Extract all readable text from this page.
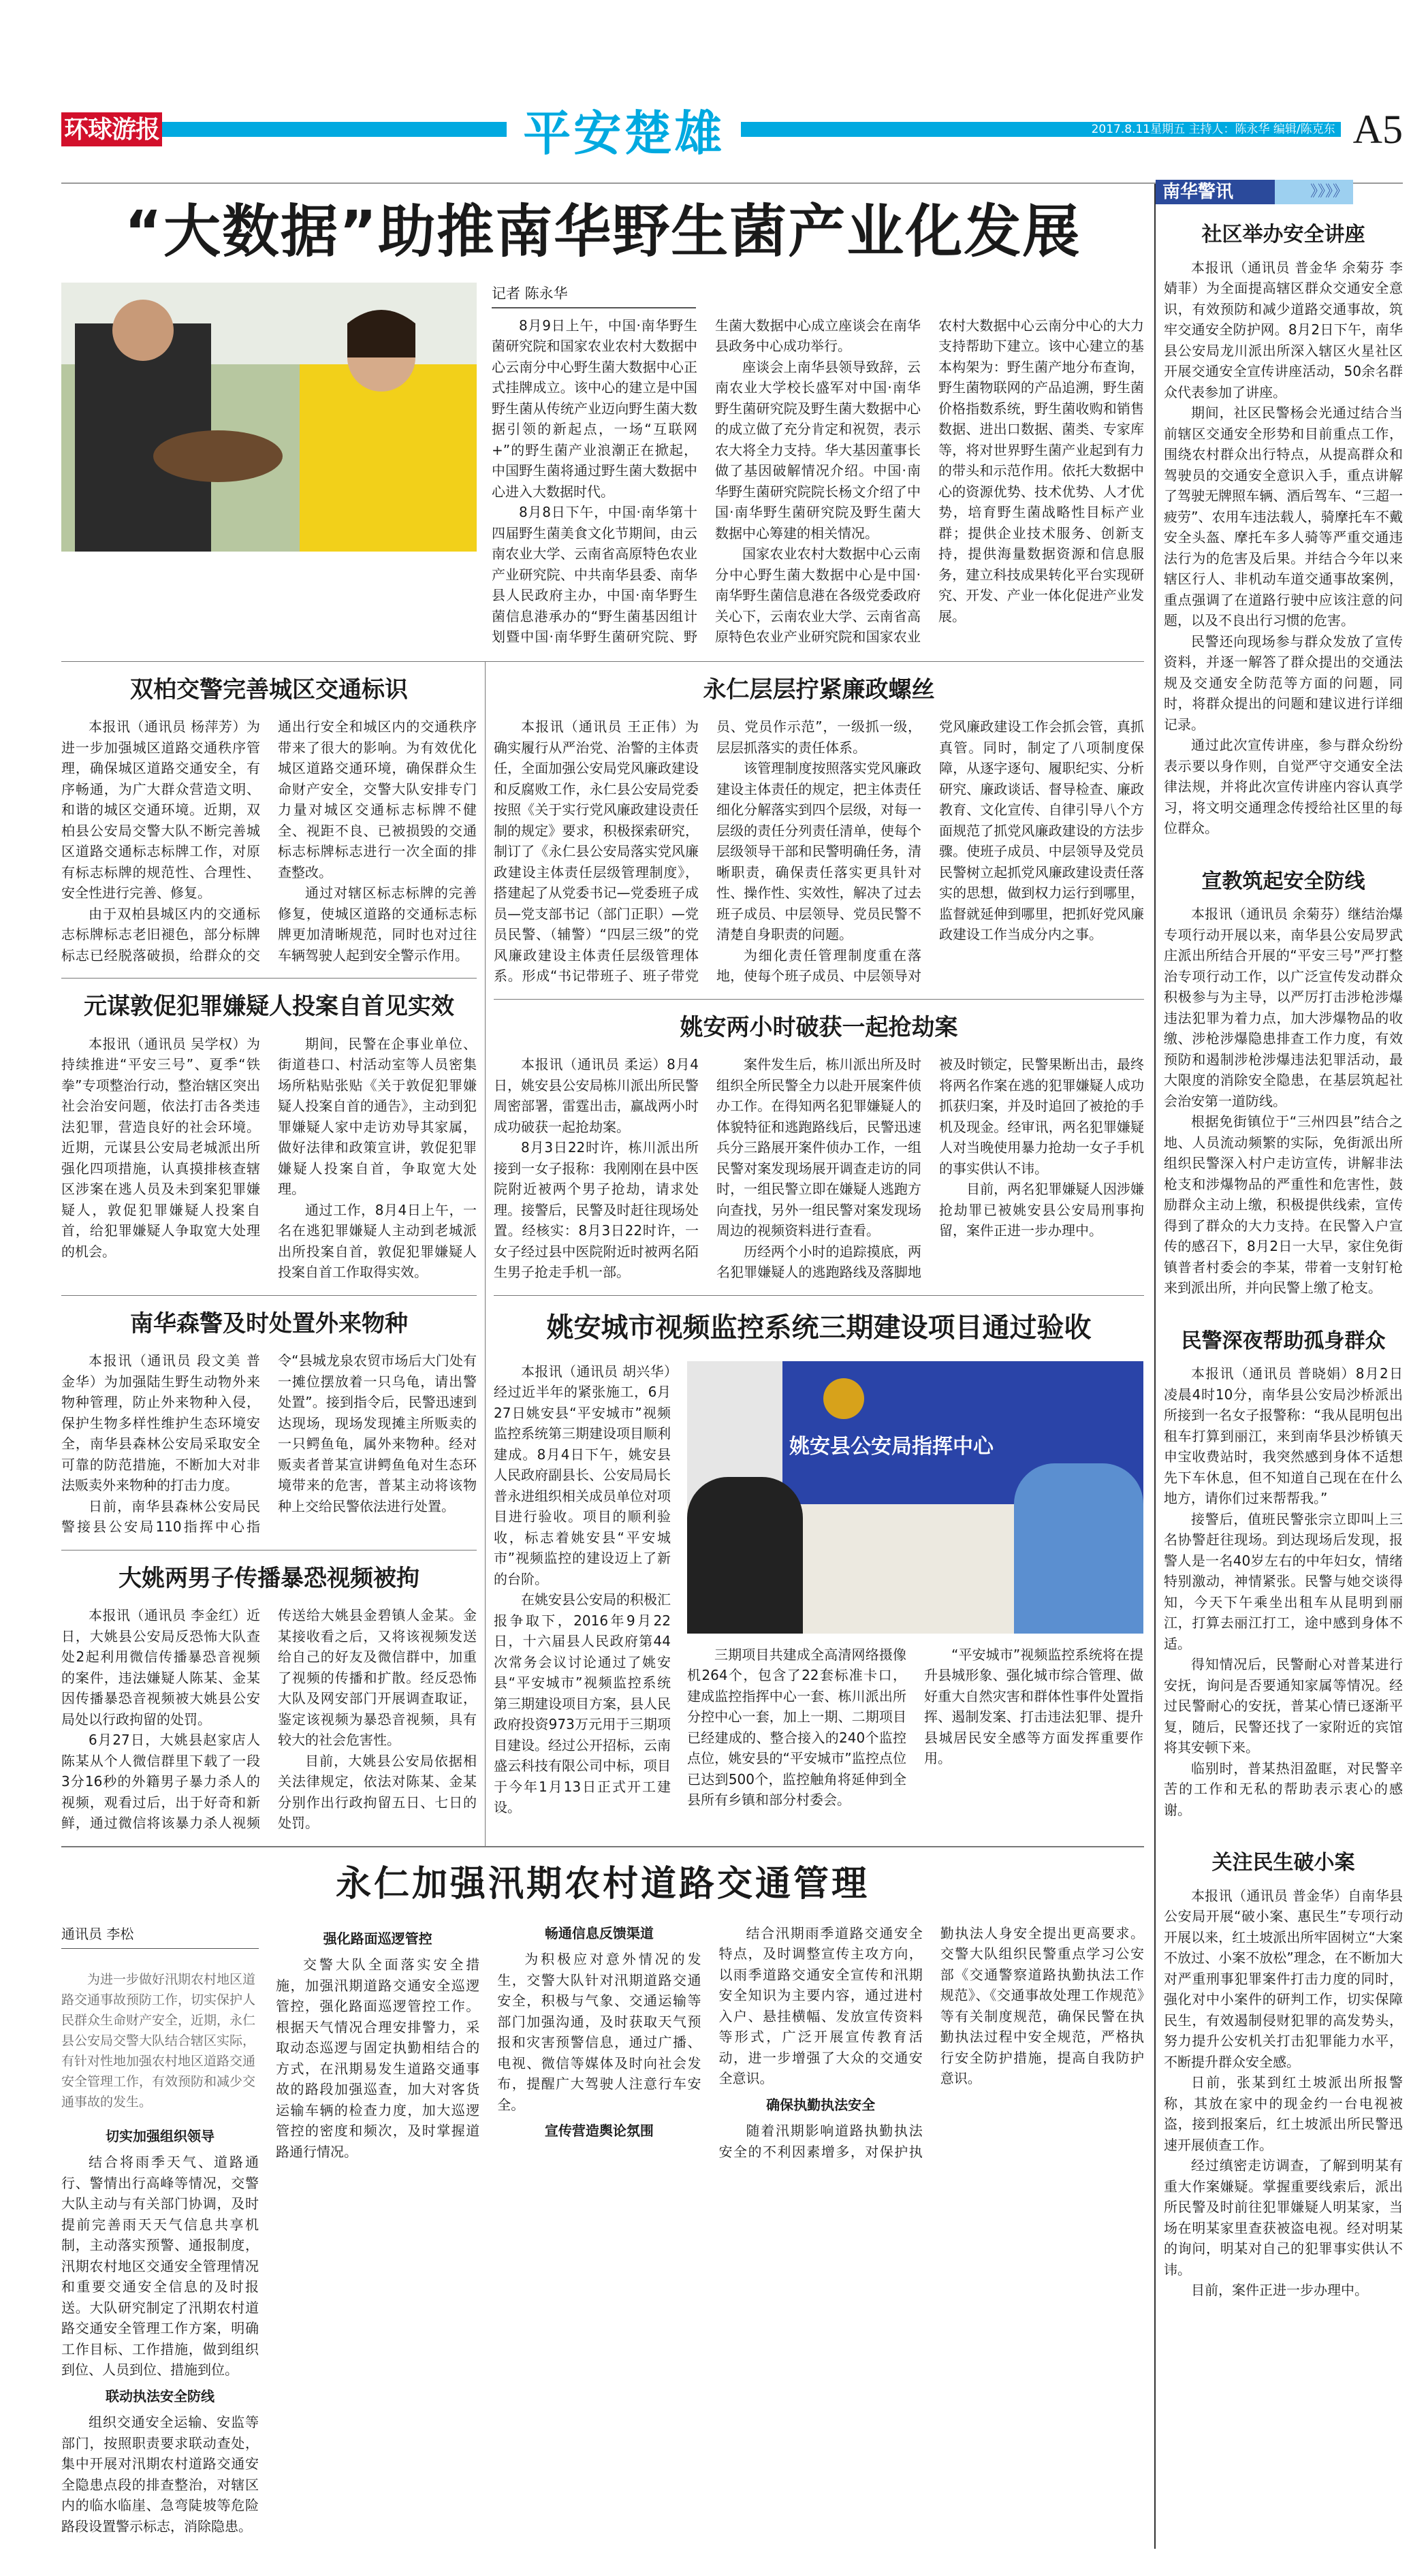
环球游报	平安楚雄	2017.8.11星期五 主持人：陈永华 编辑/陈克东 A5
“大数据”助推南华野生菌产业化发展
记者 陈永华

8月9日上午，中国·南华野生菌研究院和国家农业农村大数据中心云南分中心野生菌大数据中心正式挂牌成立。该中心的建立是中国野生菌从传统产业迈向野生菌大数据引领的新起点，一场“互联网+”的野生菌产业浪潮正在掀起，中国野生菌将通过野生菌大数据中心进入大数据时代。

8月8日下午，中国·南华第十四届野生菌美食文化节期间，由云南农业大学、云南省高原特色农业产业研究院、中共南华县委、南华县人民政府主办，中国·南华野生菌信息港承办的“野生菌基因组计划暨中国·南华野生菌研究院、野生菌大数据中心成立座谈会在南华县政务中心成功举行。

座谈会上南华县领导致辞，云南农业大学校长盛军对中国·南华野生菌研究院及野生菌大数据中心的成立做了充分肯定和祝贺，表示农大将全力支持。华大基因董事长做了基因破解情况介绍。中国·南华野生菌研究院院长杨文介绍了中国·南华野生菌研究院及野生菌大数据中心筹建的相关情况。

国家农业农村大数据中心云南分中心野生菌大数据中心是中国·南华野生菌信息港在各级党委政府关心下，云南农业大学、云南省高原特色农业产业研究院和国家农业农村大数据中心云南分中心的大力支持帮助下建立。该中心建立的基本构架为：野生菌产地分布查询，野生菌物联网的产品追溯，野生菌价格指数系统，野生菌收购和销售数据、进出口数据、菌类、专家库等，将对世界野生菌产业起到有力的带头和示范作用。依托大数据中心的资源优势、技术优势、人才优势，培育野生菌战略性目标产业群；提供企业技术服务、创新支持，提供海量数据资源和信息服务，建立科技成果转化平台实现研究、开发、产业一体化促进产业发展。

双柏交警完善城区交通标识

本报讯（通讯员 杨萍芳）为进一步加强城区道路交通秩序管理，确保城区道路交通安全，有序畅通，为广大群众营造文明、和谐的城区交通环境。近期，双柏县公安局交警大队不断完善城区道路交通标志标牌工作，对原有标志标牌的规范性、合理性、安全性进行完善、修复。

由于双柏县城区内的交通标志标牌标志老旧褪色，部分标牌标志已经脱落破损，给群众的交通出行安全和城区内的交通秩序带来了很大的影响。为有效优化城区道路交通环境，确保群众生命财产安全，交警大队安排专门力量对城区交通标志标牌不健全、视距不良、已被损毁的交通标志标牌标志进行一次全面的排查整改。

通过对辖区标志标牌的完善修复，使城区道路的交通标志标牌更加清晰规范，同时也对过往车辆驾驶人起到安全警示作用。

元谋敦促犯罪嫌疑人投案自首见实效

本报讯（通讯员 吴学权）为持续推进“平安三号”、夏季“铁拳”专项整治行动，整治辖区突出社会治安问题，依法打击各类违法犯罪，营造良好的社会环境。近期，元谋县公安局老城派出所强化四项措施，认真摸排核查辖区涉案在逃人员及未到案犯罪嫌疑人，敦促犯罪嫌疑人投案自首，给犯罪嫌疑人争取宽大处理的机会。

期间，民警在企事业单位、街道巷口、村活动室等人员密集场所粘贴张贴《关于敦促犯罪嫌疑人投案自首的通告》，主动到犯罪嫌疑人家中走访劝导其家属，做好法律和政策宣讲，敦促犯罪嫌疑人投案自首，争取宽大处理。

通过工作，8月4日上午，一名在逃犯罪嫌疑人主动到老城派出所投案自首，敦促犯罪嫌疑人投案自首工作取得实效。

南华森警及时处置外来物种

本报讯（通讯员 段文美 普金华）为加强陆生野生动物外来物种管理，防止外来物种入侵，保护生物多样性维护生态环境安全，南华县森林公安局采取安全可靠的防范措施，不断加大对非法贩卖外来物种的打击力度。

日前，南华县森林公安局民警接县公安局110指挥中心指令“县城龙泉农贸市场后大门处有一摊位摆放着一只乌龟，请出警处置”。接到指令后，民警迅速到达现场，现场发现摊主所贩卖的一只鳄鱼龟，属外来物种。经对贩卖者普某宣讲鳄鱼龟对生态环境带来的危害，普某主动将该物种上交给民警依法进行处置。

大姚两男子传播暴恐视频被拘

本报讯（通讯员 李金红）近日，大姚县公安局反恐怖大队查处2起利用微信传播暴恐音视频的案件，违法嫌疑人陈某、金某因传播暴恐音视频被大姚县公安局处以行政拘留的处罚。

6月27日，大姚县赵家店人陈某从个人微信群里下载了一段3分16秒的外籍男子暴力杀人的视频，观看过后，出于好奇和新鲜，通过微信将该暴力杀人视频传送给大姚县金碧镇人金某。金某接收看之后，又将该视频发送给自己的好友及微信群中，加重了视频的传播和扩散。经反恐怖大队及网安部门开展调查取证，鉴定该视频为暴恐音视频，具有较大的社会危害性。

目前，大姚县公安局依据相关法律规定，依法对陈某、金某分别作出行政拘留五日、七日的处罚。

永仁层层拧紧廉政螺丝

本报讯（通讯员 王正伟）为确实履行从严治党、治警的主体责任，全面加强公安局党风廉政建设和反腐败工作，永仁县公安局党委按照《关于实行党风廉政建设责任制的规定》要求，积极探索研究，制订了《永仁县公安局落实党风廉政建设主体责任层级管理制度》，搭建起了从党委书记—党委班子成员—党支部书记（部门正职）—党员民警、（辅警）“四层三级”的党风廉政建设主体责任层级管理体系。形成“书记带班子、班子带党员、党员作示范”，一级抓一级，层层抓落实的责任体系。

该管理制度按照落实党风廉政建设主体责任的规定，把主体责任细化分解落实到四个层级，对每一层级的责任分列责任清单，使每个层级领导干部和民警明确任务，清晰职责，确保责任落实更具针对性、操作性、实效性，解决了过去班子成员、中层领导、党员民警不清楚自身职责的问题。

为细化责任管理制度重在落地，使每个班子成员、中层领导对党风廉政建设工作会抓会管，真抓真管。同时，制定了八项制度保障，从逐字逐句、履职纪实、分析研究、廉政谈话、督导检查、廉政教育、文化宣传、自律引导八个方面规范了抓党风廉政建设的方法步骤。使班子成员、中层领导及党员民警树立起抓党风廉政建设责任落实的思想，做到权力运行到哪里，监督就延伸到哪里，把抓好党风廉政建设工作当成分内之事。

姚安两小时破获一起抢劫案

本报讯（通讯员 柔运）8月4日，姚安县公安局栋川派出所民警周密部署，雷霆出击，赢战两小时成功破获一起抢劫案。

8月3日22时许，栋川派出所接到一女子报称：我刚刚在县中医院附近被两个男子抢劫，请求处理。接警后，民警及时赶往现场处置。经核实：8月3日22时许，一女子经过县中医院附近时被两名陌生男子抢走手机一部。

案件发生后，栋川派出所及时组织全所民警全力以赴开展案件侦办工作。在得知两名犯罪嫌疑人的体貌特征和逃跑路线后，民警迅速兵分三路展开案件侦办工作，一组民警对案发现场展开调查走访的同时，一组民警立即在嫌疑人逃跑方向查找，另外一组民警对案发现场周边的视频资料进行查看。

历经两个小时的追踪摸底，两名犯罪嫌疑人的逃跑路线及落脚地被及时锁定，民警果断出击，最终将两名作案在逃的犯罪嫌疑人成功抓获归案，并及时追回了被抢的手机及现金。经审讯，两名犯罪嫌疑人对当晚使用暴力抢劫一女子手机的事实供认不讳。

目前，两名犯罪嫌疑人因涉嫌抢劫罪已被姚安县公安局刑事拘留，案件正进一步办理中。

姚安城市视频监控系统三期建设项目通过验收

本报讯（通讯员 胡兴华）经过近半年的紧张施工，6月27日姚安县“平安城市”视频监控系统第三期建设项目顺利建成。8月4日下午，姚安县人民政府副县长、公安局局长普永进组织相关成员单位对项目进行验收。项目的顺利验收，标志着姚安县“平安城市”视频监控的建设迈上了新的台阶。

在姚安县公安局的积极汇报争取下，2016年9月22日，十六届县人民政府第44次常务会议讨论通过了姚安县“平安城市”视频监控系统第三期建设项目方案，县人民政府投资973万元用于三期项目建设。经过公开招标，云南盛云科技有限公司中标，项目于今年1月13日正式开工建设。

姚安县公安局指挥中心

三期项目共建成全高清网络摄像机264个，包含了22套标准卡口，建成监控指挥中心一套、栋川派出所分控中心一套，加上一期、二期项目已经建成的、整合接入的240个监控点位，姚安县的“平安城市”监控点位已达到500个，监控触角将延伸到全县所有乡镇和部分村委会。

“平安城市”视频监控系统将在提升县城形象、强化城市综合管理、做好重大自然灾害和群体性事件处置指挥、遏制发案、打击违法犯罪、提升县城居民安全感等方面发挥重要作用。

永仁加强汛期农村道路交通管理
通讯员 李松
为进一步做好汛期农村地区道路交通事故预防工作，切实保护人民群众生命财产安全，近期，永仁县公安局交警大队结合辖区实际，有针对性地加强农村地区道路交通安全管理工作，有效预防和减少交通事故的发生。

切实加强组织领导

结合将雨季天气、道路通行、警情出行高峰等情况，交警大队主动与有关部门协调，及时提前完善雨天天气信息共享机制，主动落实预警、通报制度，汛期农村地区交通安全管理情况和重要交通安全信息的及时报送。大队研究制定了汛期农村道路交通安全管理工作方案，明确工作目标、工作措施，做到组织到位、人员到位、措施到位。

联动执法安全防线

组织交通安全运输、安监等部门，按照职责要求联动查处，集中开展对汛期农村道路交通安全隐患点段的排查整治，对辖区内的临水临崖、急弯陡坡等危险路段设置警示标志，消除隐患。

强化路面巡逻管控

交警大队全面落实安全措施，加强汛期道路交通安全巡逻管控，强化路面巡逻管控工作。根据天气情况合理安排警力，采取动态巡逻与固定执勤相结合的方式，在汛期易发生道路交通事故的路段加强巡查，加大对客货运输车辆的检查力度，加大巡逻管控的密度和频次，及时掌握道路通行情况。

畅通信息反馈渠道

为积极应对意外情况的发生，交警大队针对汛期道路交通安全，积极与气象、交通运输等部门加强沟通，及时获取天气预报和灾害预警信息，通过广播、电视、微信等媒体及时向社会发布，提醒广大驾驶人注意行车安全。

宣传营造舆论氛围

结合汛期雨季道路交通安全特点，及时调整宣传主攻方向，以雨季道路交通安全宣传和汛期安全知识为主要内容，通过进村入户、悬挂横幅、发放宣传资料等形式，广泛开展宣传教育活动，进一步增强了大众的交通安全意识。

确保执勤执法安全

随着汛期影响道路执勤执法安全的不利因素增多，对保护执勤执法人身安全提出更高要求。交警大队组织民警重点学习公安部《交通警察道路执勤执法工作规范》、《交通事故处理工作规范》等有关制度规范，确保民警在执勤执法过程中安全规范，严格执行安全防护措施，提高自我防护意识。

南华警讯	》》》》
社区举办安全讲座

本报讯（通讯员 普金华 余菊芬 李婧菲）为全面提高辖区群众交通安全意识，有效预防和减少道路交通事故，筑牢交通安全防护网。8月2日下午，南华县公安局龙川派出所深入辖区火星社区开展交通安全宣传讲座活动，50余名群众代表参加了讲座。

期间，社区民警杨会光通过结合当前辖区交通安全形势和目前重点工作，围绕农村群众出行特点，从提高群众和驾驶员的交通安全意识入手，重点讲解了驾驶无牌照车辆、酒后驾车、“三超一疲劳”、农用车违法载人，骑摩托车不戴安全头盔、摩托车多人骑等严重交通违法行为的危害及后果。并结合今年以来辖区行人、非机动车道交通事故案例，重点强调了在道路行驶中应该注意的问题，以及不良出行习惯的危害。

民警还向现场参与群众发放了宣传资料，并逐一解答了群众提出的交通法规及交通安全防范等方面的问题，同时，将群众提出的问题和建议进行详细记录。

通过此次宣传讲座，参与群众纷纷表示要以身作则，自觉严守交通安全法律法规，并将此次宣传讲座内容认真学习，将文明交通理念传授给社区里的每位群众。

宣教筑起安全防线

本报讯（通讯员 余菊芬）继结治爆专项行动开展以来，南华县公安局罗武庄派出所结合开展的“平安三号”严打整治专项行动工作，以广泛宣传发动群众积极参与为主导，以严厉打击涉枪涉爆违法犯罪为着力点，加大涉爆物品的收缴、涉枪涉爆隐患排查工作力度，有效预防和遏制涉枪涉爆违法犯罪活动，最大限度的消除安全隐患，在基层筑起社会治安第一道防线。

根据免街镇位于“三州四县”结合之地、人员流动频繁的实际，免街派出所组织民警深入村户走访宣传，讲解非法枪支和涉爆物品的严重性和危害性，鼓励群众主动上缴，积极提供线索，宣传得到了群众的大力支持。在民警入户宣传的感召下，8月2日一大早，家住免街镇普者村委会的李某，带着一支射钉枪来到派出所，并向民警上缴了枪支。

民警深夜帮助孤身群众

本报讯（通讯员 普晓娟）8月2日凌晨4时10分，南华县公安局沙桥派出所接到一名女子报警称：“我从昆明包出租车打算到丽江，来到南华县沙桥镇天申宝收费站时，我突然感到身体不适想先下车休息，但不知道自己现在在什么地方，请你们过来帮帮我。”

接警后，值班民警张宗立即叫上三名协警赶往现场。到达现场后发现，报警人是一名40岁左右的中年妇女，情绪特别激动，神情紧张。民警与她交谈得知，今天下午乘坐出租车从昆明到丽江，打算去丽江打工，途中感到身体不适。

得知情况后，民警耐心对普某进行安抚，询问是否要通知家属等情况。经过民警耐心的安抚，普某心情已逐渐平复，随后，民警还找了一家附近的宾馆将其安顿下来。

临别时，普某热泪盈眶，对民警辛苦的工作和无私的帮助表示衷心的感谢。

关注民生破小案

本报讯（通讯员 普金华）自南华县公安局开展“破小案、惠民生”专项行动开展以来，红土坡派出所牢固树立“大案不放过、小案不放松”理念，在不断加大对严重刑事犯罪案件打击力度的同时，强化对中小案件的研判工作，切实保障民生，有效遏制侵财犯罪的高发势头，努力提升公安机关打击犯罪能力水平，不断提升群众安全感。

日前，张某到红土坡派出所报警称，其放在家中的现金约一台电视被盗，接到报案后，红土坡派出所民警迅速开展侦查工作。

经过缜密走访调查，了解到明某有重大作案嫌疑。掌握重要线索后，派出所民警及时前往犯罪嫌疑人明某家，当场在明某家里查获被盗电视。经对明某的询问，明某对自己的犯罪事实供认不讳。

目前，案件正进一步办理中。
